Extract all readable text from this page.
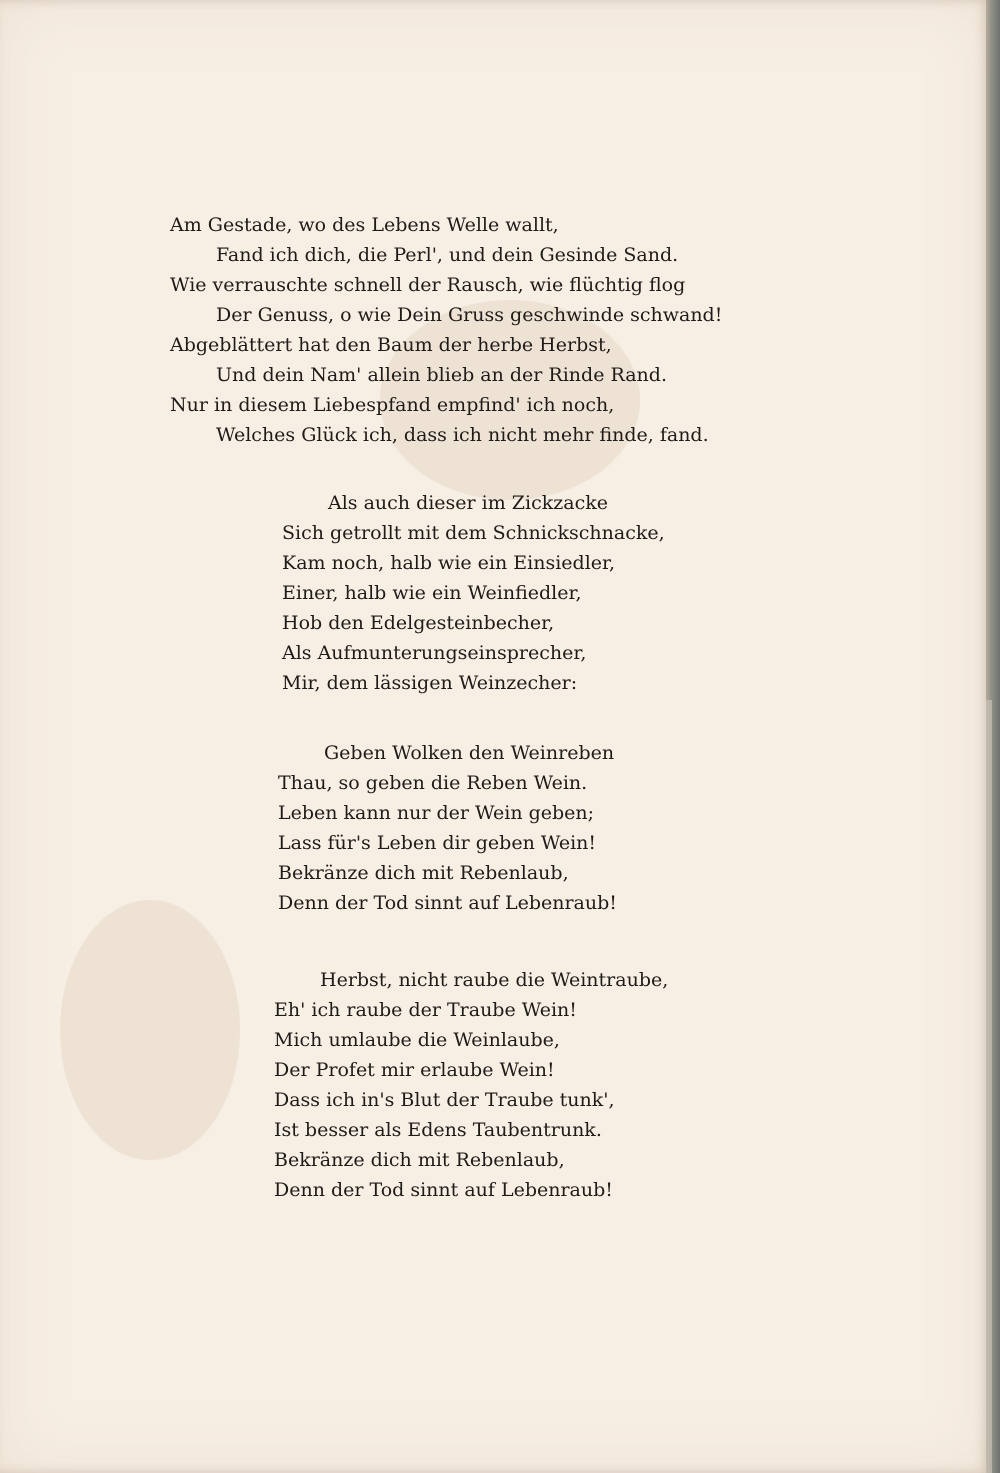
Am Gestade, wo des Lebens Welle wallt,
Fand ich dich, die Perl', und dein Gesinde Sand.
Wie verrauschte schnell der Rausch, wie flüchtig flog
Der Genuss, o wie Dein Gruss geschwinde schwand!
Abgeblättert hat den Baum der herbe Herbst,
Und dein Nam' allein blieb an der Rinde Rand.
Nur in diesem Liebespfand empfind' ich noch,
Welches Glück ich, dass ich nicht mehr finde, fand.
Als auch dieser im Zickzacke
Sich getrollt mit dem Schnickschnacke,
Kam noch, halb wie ein Einsiedler,
Einer, halb wie ein Weinfiedler,
Hob den Edelgesteinbecher,
Als Aufmunterungseinsprecher,
Mir, dem lässigen Weinzecher:
Geben Wolken den Weinreben
Thau, so geben die Reben Wein.
Leben kann nur der Wein geben;
Lass für's Leben dir geben Wein!
Bekränze dich mit Rebenlaub,
Denn der Tod sinnt auf Lebenraub!
Herbst, nicht raube die Weintraube,
Eh' ich raube der Traube Wein!
Mich umlaube die Weinlaube,
Der Profet mir erlaube Wein!
Dass ich in's Blut der Traube tunk',
Ist besser als Edens Taubentrunk.
Bekränze dich mit Rebenlaub,
Denn der Tod sinnt auf Lebenraub!
